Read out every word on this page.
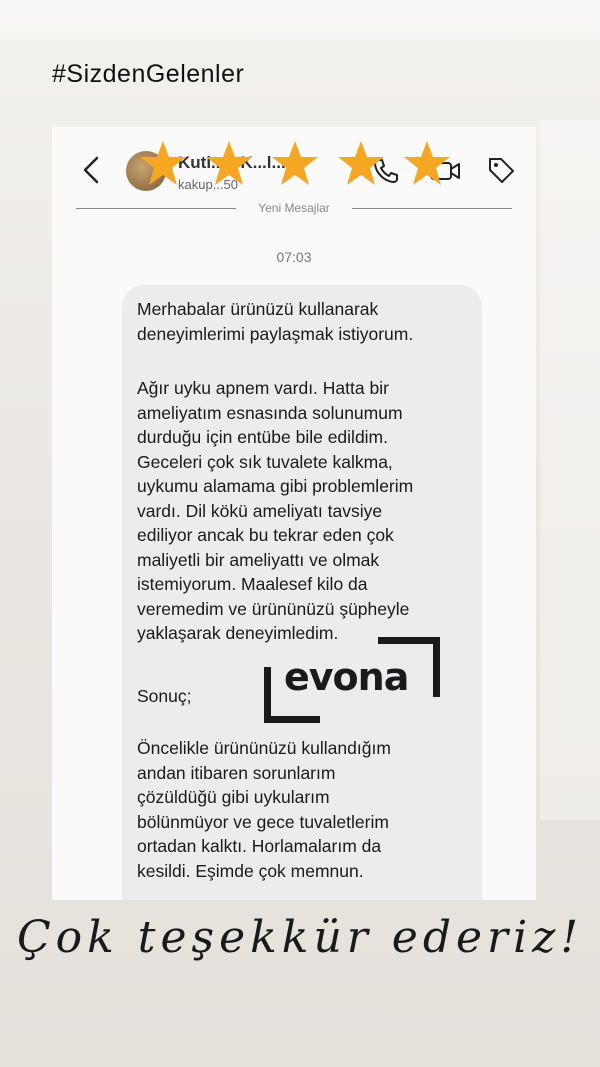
#SizdenGelenler
Kutl...n K...l...
kakup...50
Yeni Mesajlar
07:03
Merhabalar ürünüzü kullanarak
deneyimlerimi paylaşmak istiyorum.
Ağır uyku apnem vardı. Hatta bir
ameliyatım esnasında solunumum
durduğu için entübe bile edildim.
Geceleri çok sık tuvalete kalkma,
uykumu alamama gibi problemlerim
vardı. Dil kökü ameliyatı tavsiye
ediliyor ancak bu tekrar eden çok
maliyetli bir ameliyattı ve olmak
istemiyorum. Maalesef kilo da
veremedim ve ürününüzü şüpheyle
yaklaşarak deneyimledim.
Sonuç;
Öncelikle ürününüzü kullandığım
andan itibaren sorunlarım
çözüldüğü gibi uykularım
bölünmüyor ve gece tuvaletlerim
ortadan kalktı. Horlamalarım da
kesildi. Eşimde çok memnun.
evona
Çok teşekkür ederiz!
